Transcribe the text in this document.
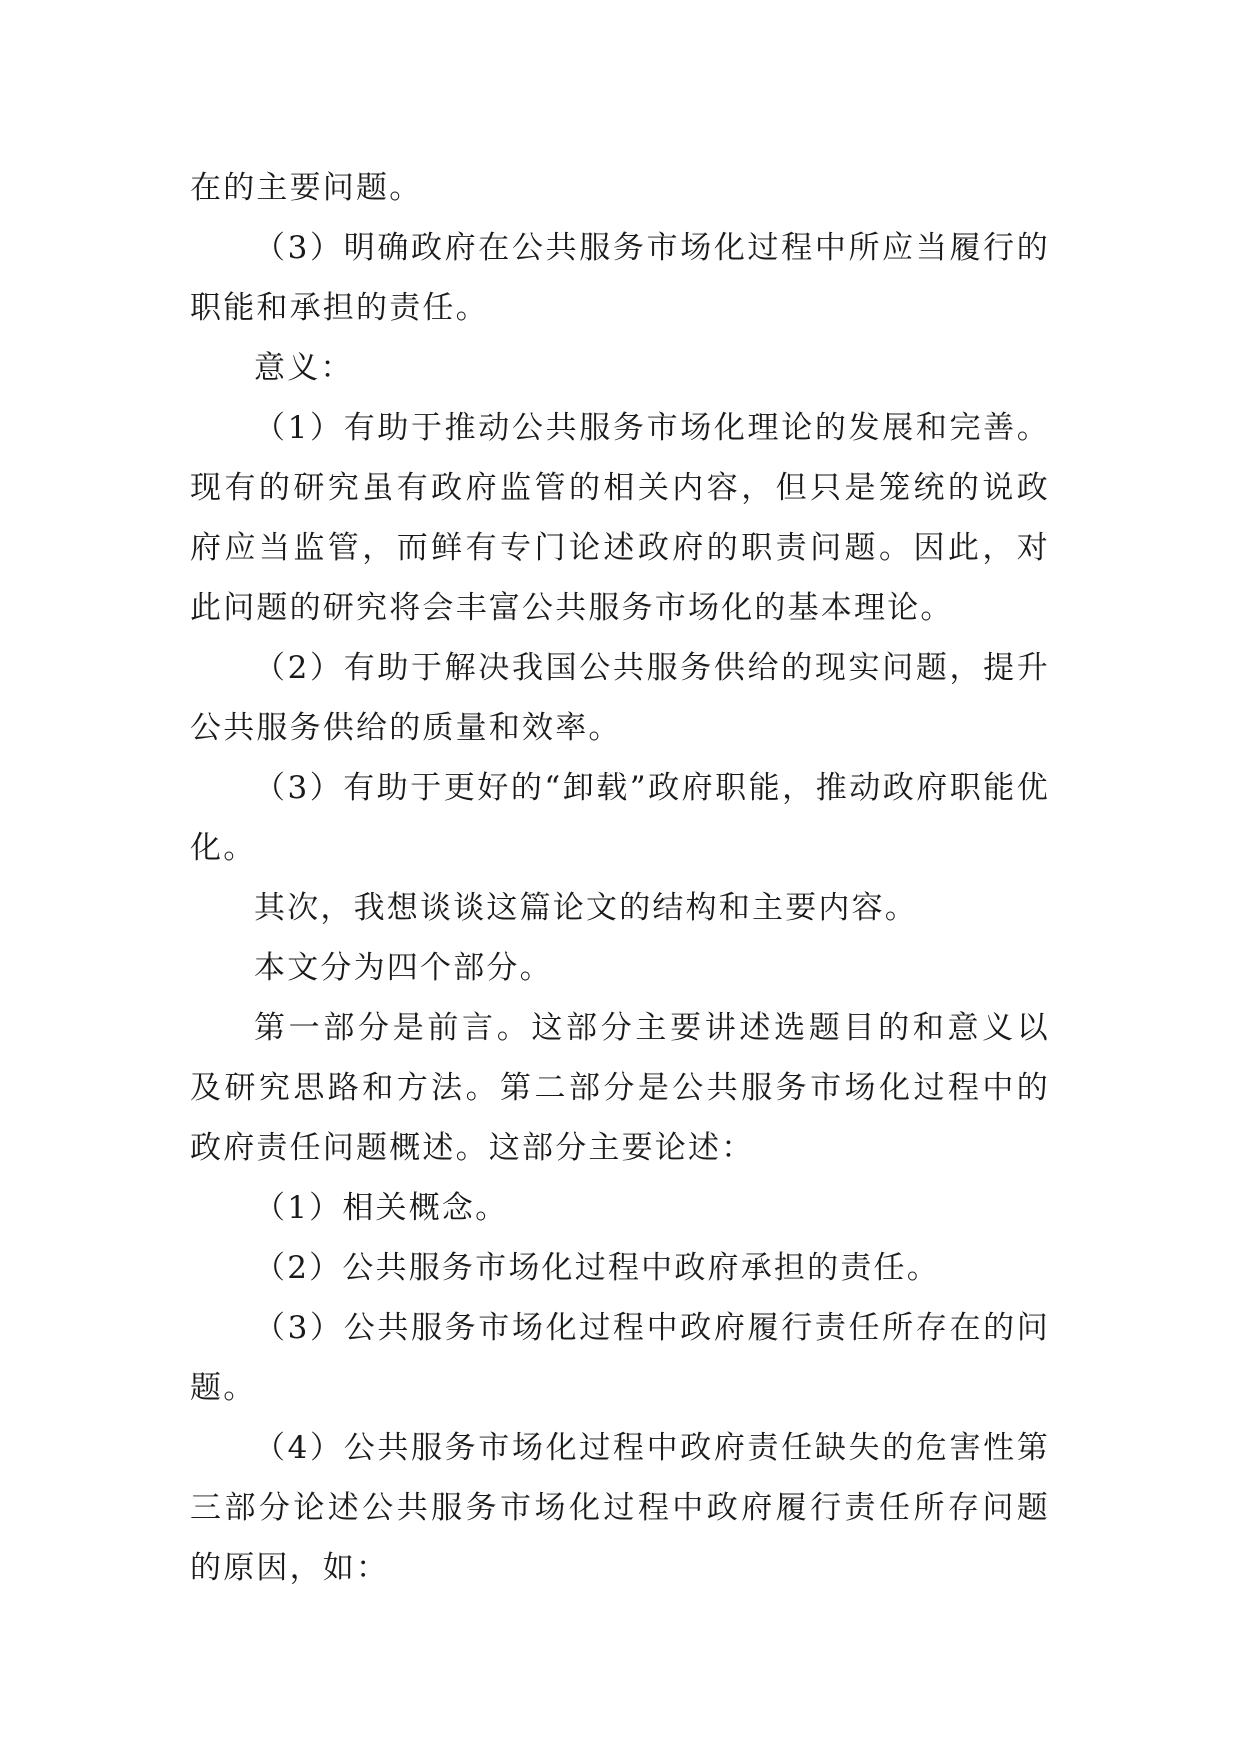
在的主要问题。

（3）明确政府在公共服务市场化过程中所应当履行的职能和承担的责任。

意义：

（1）有助于推动公共服务市场化理论的发展和完善。现有的研究虽有政府监管的相关内容，但只是笼统的说政府应当监管，而鲜有专门论述政府的职责问题。因此，对此问题的研究将会丰富公共服务市场化的基本理论。

（2）有助于解决我国公共服务供给的现实问题，提升公共服务供给的质量和效率。

（3）有助于更好的“卸载”政府职能，推动政府职能优化。

其次，我想谈谈这篇论文的结构和主要内容。

本文分为四个部分。

第一部分是前言。这部分主要讲述选题目的和意义以及研究思路和方法。第二部分是公共服务市场化过程中的政府责任问题概述。这部分主要论述：

（1）相关概念。

（2）公共服务市场化过程中政府承担的责任。

（3）公共服务市场化过程中政府履行责任所存在的问题。

（4）公共服务市场化过程中政府责任缺失的危害性第三部分论述公共服务市场化过程中政府履行责任所存问题的原因，如：
